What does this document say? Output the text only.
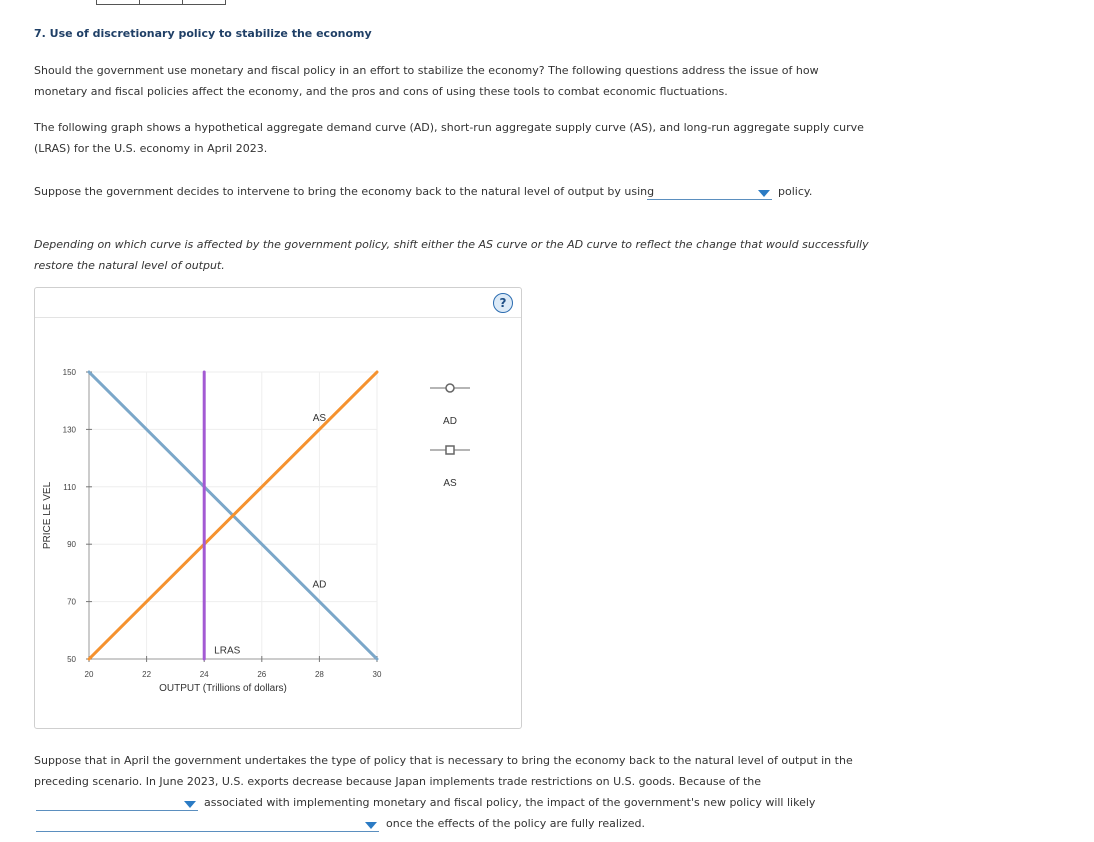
7. Use of discretionary policy to stabilize the economy
Should the government use monetary and fiscal policy in an effort to stabilize the economy? The following questions address the issue of how
monetary and fiscal policies affect the economy, and the pros and cons of using these tools to combat economic fluctuations.
The following graph shows a hypothetical aggregate demand curve (AD), short-run aggregate supply curve (AS), and long-run aggregate supply curve
(LRAS) for the U.S. economy in April 2023.
Suppose the government decides to intervene to bring the economy back to the natural level of output by using	policy.
Depending on which curve is affected by the government policy, shift either the AS curve or the AD curve to reflect the change that would successfully
restore the natural level of output.
?
20	22	24	26	28	30
50
70
90
110
130
150
OUTPUT (Trillions of dollars)
PRICE LE VEL
AD
AS
LRAS
AD
AS
Suppose that in April the government undertakes the type of policy that is necessary to bring the economy back to the natural level of output in the
preceding scenario. In June 2023, U.S. exports decrease because Japan implements trade restrictions on U.S. goods. Because of the
associated with implementing monetary and fiscal policy, the impact of the government's new policy will likely
once the effects of the policy are fully realized.
